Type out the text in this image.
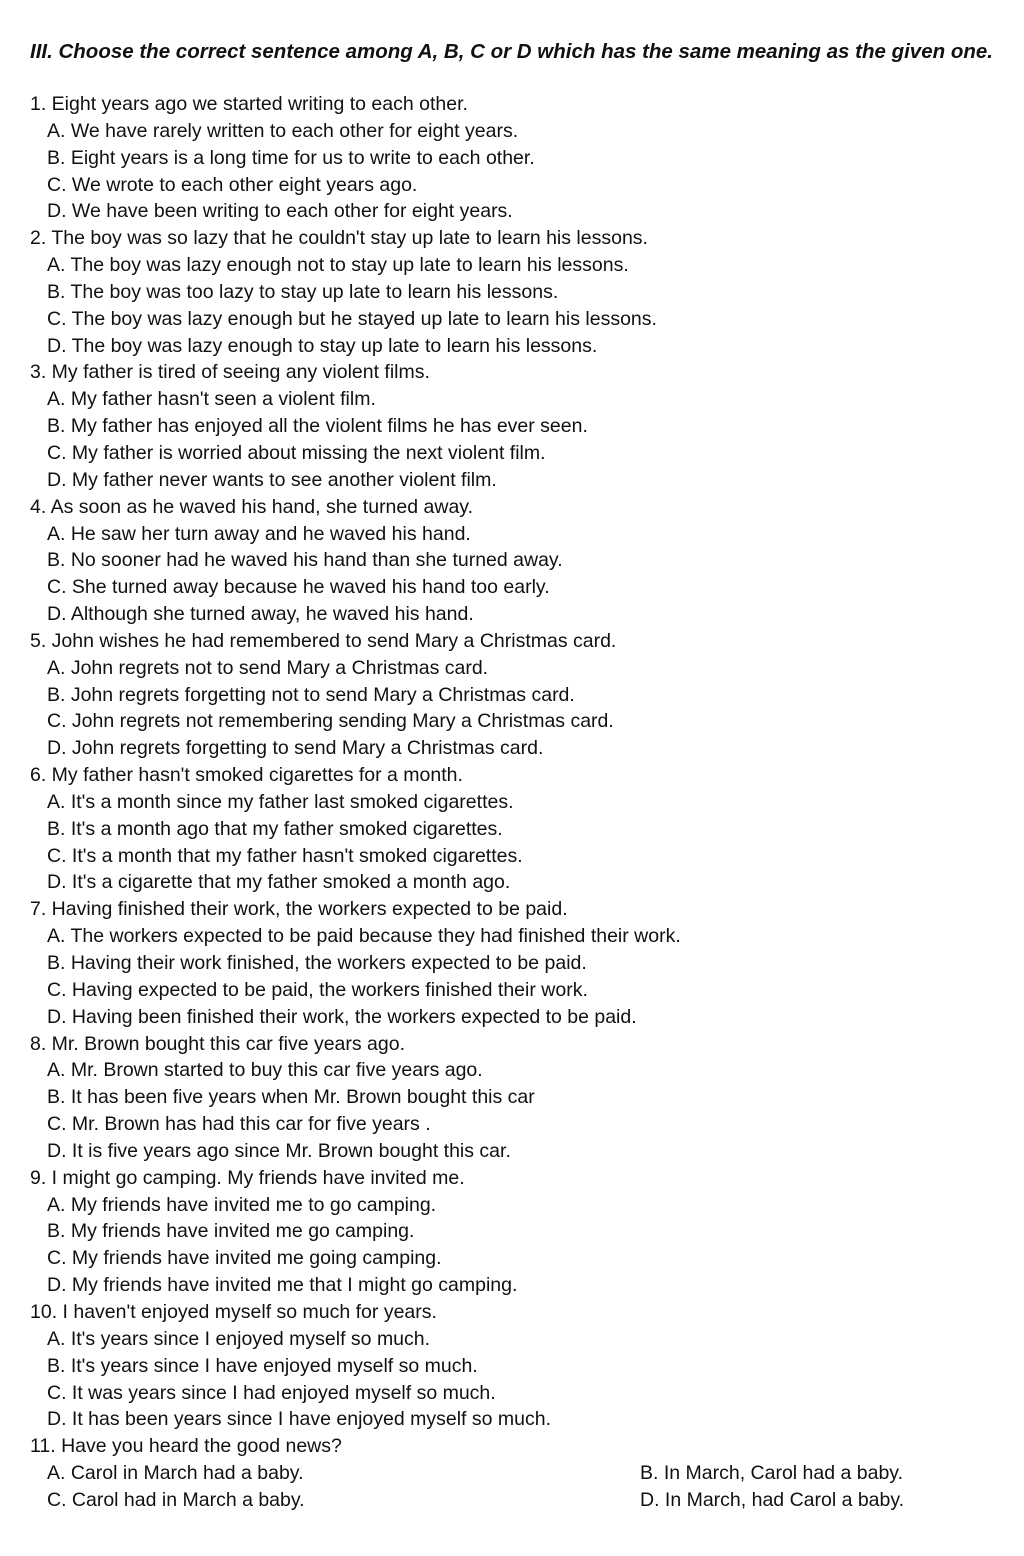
III. Choose the correct sentence among A, B, C or D which has the same meaning as the given one.

1. Eight years ago we started writing to each other.
A. We have rarely written to each other for eight years.
B. Eight years is a long time for us to write to each other.
C. We wrote to each other eight years ago.
D. We have been writing to each other for eight years.
2. The boy was so lazy that he couldn't stay up late to learn his lessons.
A. The boy was lazy enough not to stay up late to learn his lessons.
B. The boy was too lazy to stay up late to learn his lessons.
C. The boy was lazy enough but he stayed up late to learn his lessons.
D. The boy was lazy enough to stay up late to learn his lessons.
3. My father is tired of seeing any violent films.
A. My father hasn't seen a violent film.
B. My father has enjoyed all the violent films he has ever seen.
C. My father is worried about missing the next violent film.
D. My father never wants to see another violent film.
4. As soon as he waved his hand, she turned away.
A. He saw her turn away and he waved his hand.
B. No sooner had he waved his hand than she turned away.
C. She turned away because he waved his hand too early.
D. Although she turned away, he waved his hand.
5. John wishes he had remembered to send Mary a Christmas card.
A. John regrets not to send Mary a Christmas card.
B. John regrets forgetting not to send Mary a Christmas card.
C. John regrets not remembering sending Mary a Christmas card.
D. John regrets forgetting to send Mary a Christmas card.
6. My father hasn't smoked cigarettes for a month.
A. It's a month since my father last smoked cigarettes.
B. It's a month ago that my father smoked cigarettes.
C. It's a month that my father hasn't smoked cigarettes.
D. It's a cigarette that my father smoked a month ago.
7. Having finished their work, the workers expected to be paid.
A. The workers expected to be paid because they had finished their work.
B. Having their work finished, the workers expected to be paid.
C. Having expected to be paid, the workers finished their work.
D. Having been finished their work, the workers expected to be paid.
8. Mr. Brown bought this car five years ago.
A. Mr. Brown started to buy this car five years ago.
B. It has been five years when Mr. Brown bought this car
C. Mr. Brown has had this car for five years .
D. It is five years ago since Mr. Brown bought this car.
9. I might go camping. My friends have invited me.
A. My friends have invited me to go camping.
B. My friends have invited me go camping.
C. My friends have invited me going camping.
D. My friends have invited me that I might go camping.
10. I haven't enjoyed myself so much for years.
A. It's years since I enjoyed myself so much.
B. It's years since I have enjoyed myself so much.
C. It was years since I had enjoyed myself so much.
D. It has been years since I have enjoyed myself so much.
11. Have you heard the good news?
A. Carol in March had a baby.	B. In March, Carol had a baby.
C. Carol had in March a baby.	D. In March, had Carol a baby.
